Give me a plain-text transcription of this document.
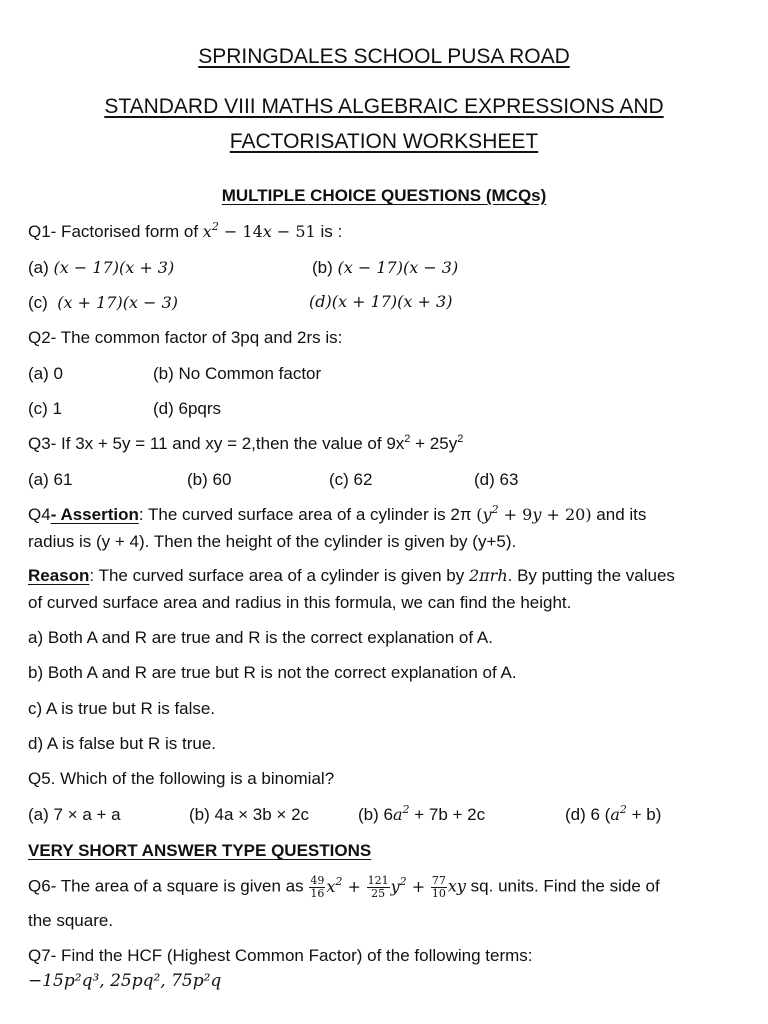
SPRINGDALES SCHOOL PUSA ROAD
STANDARD VIII MATHS ALGEBRAIC EXPRESSIONS AND
FACTORISATION WORKSHEET
MULTIPLE CHOICE QUESTIONS (MCQs)
Q1- Factorised form of $x^2 - 14x - 51$ is :
(a) (x − 17)(x + 3)	(b) (x − 17)(x − 3)
(c) (x + 17)(x − 3)	(d)(x + 17)(x + 3)
Q2- The common factor of 3pq and 2rs is:
(a) 0	(b) No Common factor
(c) 1	(d) 6pqrs
Q3- If 3x + 5y = 11 and xy = 2,then the value of $9x^2 + 25y^2$
(a) 61	(b) 60	(c) 62	(d) 63
Q4- Assertion: The curved surface area of a cylinder is 2π $(y^2 + 9y + 20)$ and its
radius is (y + 4). Then the height of the cylinder is given by (y+5).
Reason: The curved surface area of a cylinder is given by 2πrh. By putting the values
of curved surface area and radius in this formula, we can find the height.
a) Both A and R are true and R is the correct explanation of A.
b) Both A and R are true but R is not the correct explanation of A.
c) A is true but R is false.
d) A is false but R is true.
Q5. Which of the following is a binomial?
(a) 7 × a + a	(b) 4a × 3b × 2c	(b) $6a^2 + 7b + 2c$	(d) 6 $(a^2 + b)$
VERY SHORT ANSWER TYPE QUESTIONS
Q6- The area of a square is given as $\frac{49}{16} x^2 + \frac{121}{25} y^2 + \frac{77}{10}$ xy sq. units. Find the side of
the square.
Q7- Find the HCF (Highest Common Factor) of the following terms:
−15p²q³, 25pq², 75p²q
